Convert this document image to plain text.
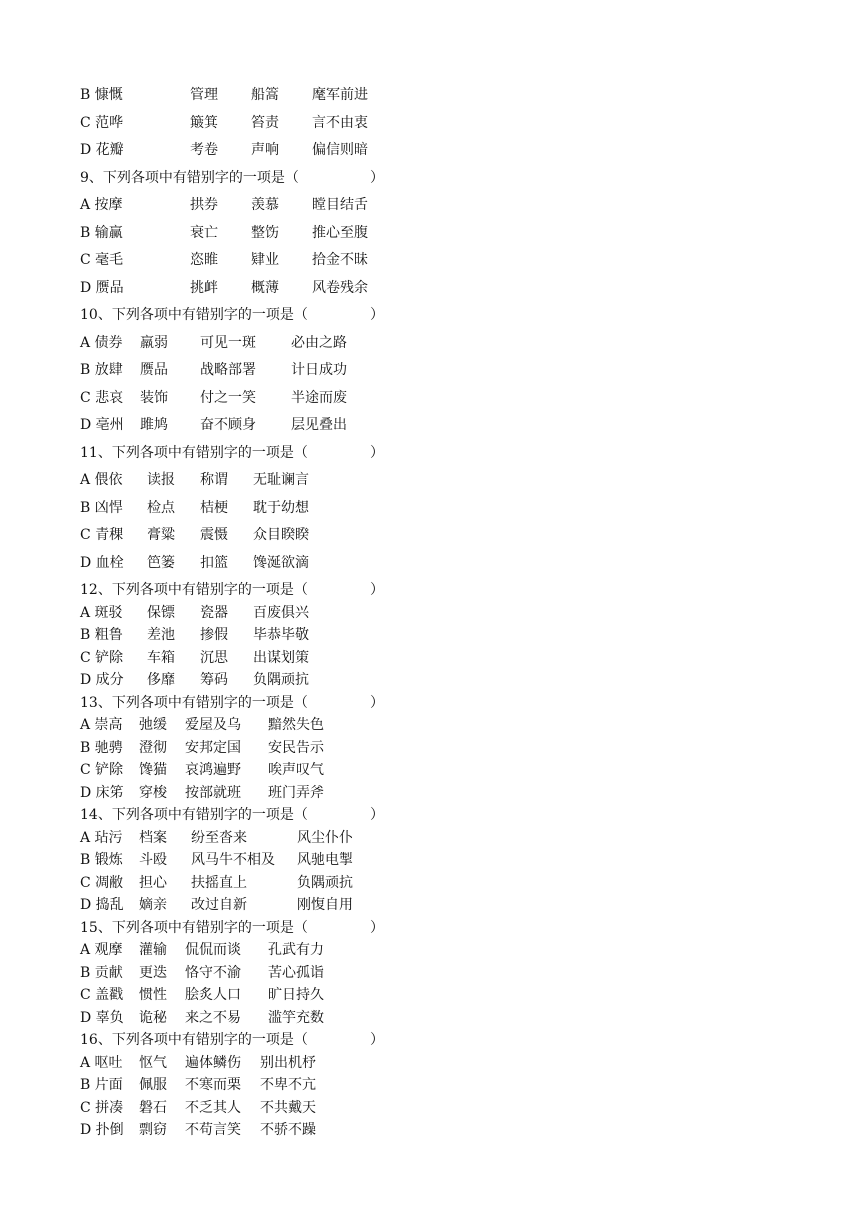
B 慷慨	管理 船篙 麾军前进
C 范哗	簸箕 笞责 言不由衷
D 花瓣	考卷 声响 偏信则暗
9、下列各项中有错别字的一项是（	）
A 按摩	拱券 羡慕 瞠目结舌
B 输赢	衰亡 整饬 推心至腹
C 毫毛	恣睢 肄业 拾金不昧
D 赝品	挑衅 概薄 风卷残余
10、下列各项中有错别字的一项是（	）
A 债券 羸弱 可见一斑	必由之路
B 放肆 赝品 战略部署	计日成功
C 悲哀 装饰 付之一笑	半途而废
D 亳州 雎鸠 奋不顾身	层见叠出
11、下列各项中有错别字的一项是（	）
A 偎依 读报 称谓 无耻谰言
B 凶悍 检点 桔梗 耽于幼想
C 青稞 膏粱 震慑 众目睽睽
D 血栓 笆篓 扣篮 馋涎欲滴
12、下列各项中有错别字的一项是（	）
A 斑驳 保镖 瓷器 百废俱兴
B 粗鲁 差池 掺假 毕恭毕敬
C 铲除 车箱 沉思 出谋划策
D 成分 侈靡 筹码 负隅顽抗
13、下列各项中有错别字的一项是（	）
A 崇高 弛缓 爱屋及乌 黯然失色
B 驰骋 澄彻 安邦定国 安民告示
C 铲除 馋猫 哀鸿遍野 唉声叹气
D 床笫 穿梭 按部就班 班门弄斧
14、下列各项中有错别字的一项是（	）
A 玷污 档案 纷至沓来	风尘仆仆
B 锻炼 斗殴 风马牛不相及 风驰电掣
C 凋敝 担心 扶摇直上	负隅顽抗
D 捣乱 嫡亲 改过自新	刚愎自用
15、下列各项中有错别字的一项是（	）
A 观摩 灌输 侃侃而谈 孔武有力
B 贡献 更迭 恪守不渝 苦心孤诣
C 盖戳 惯性 脍炙人口 旷日持久
D 辜负 诡秘 来之不易 滥竽充数
16、下列各项中有错别字的一项是（	）
A 呕吐 怄气 遍体鳞伤 别出机杼
B 片面 佩服 不寒而栗 不卑不亢
C 拼凑 磐石 不乏其人 不共戴天
D 扑倒 剽窃 不苟言笑 不骄不躁
